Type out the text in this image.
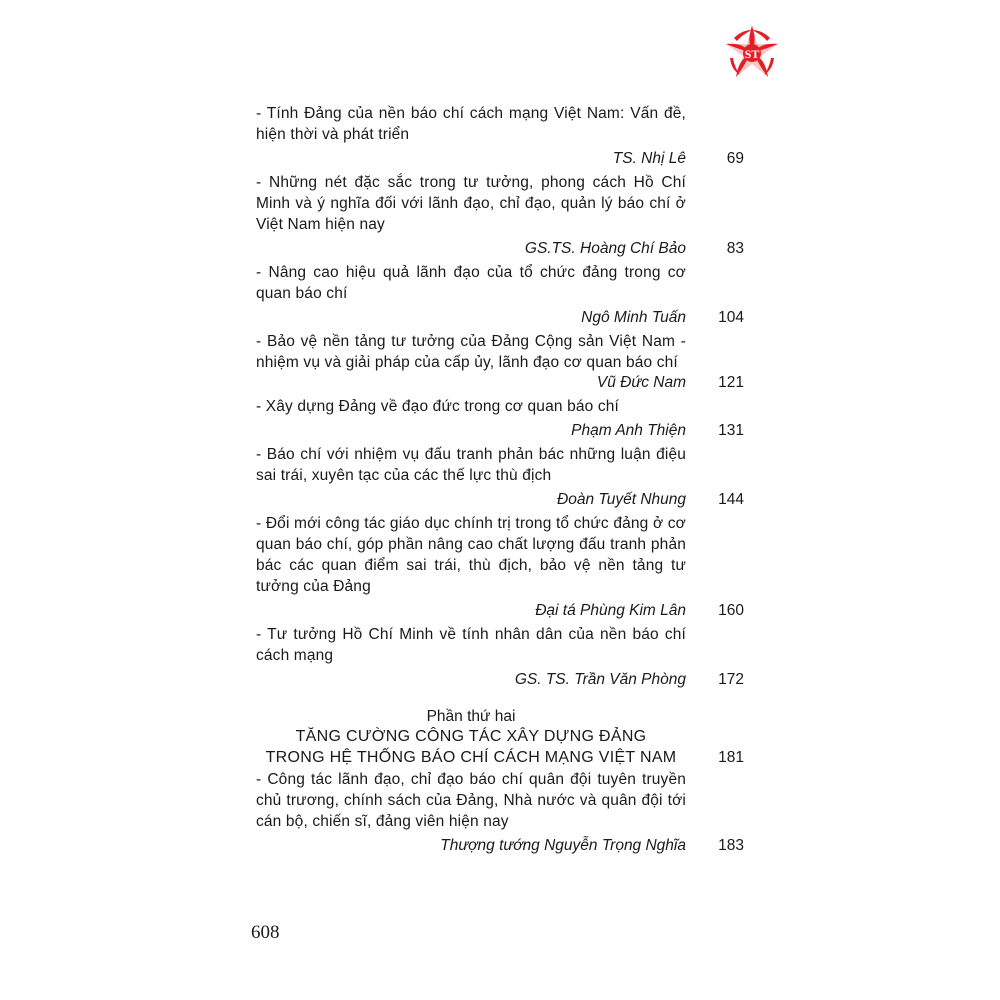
ST
- Tính Đảng của nền báo chí cách mạng Việt Nam: Vấn đề, hiện thời và phát triển
TS. Nhị Lê	69
- Những nét đặc sắc trong tư tưởng, phong cách Hồ Chí Minh và ý nghĩa đối với lãnh đạo, chỉ đạo, quản lý báo chí ở Việt Nam hiện nay
GS.TS. Hoàng Chí Bảo	83
- Nâng cao hiệu quả lãnh đạo của tổ chức đảng trong cơ quan báo chí
Ngô Minh Tuấn	104
- Bảo vệ nền tảng tư tưởng của Đảng Cộng sản Việt Nam - nhiệm vụ và giải pháp của cấp ủy, lãnh đạo cơ quan báo chí
Vũ Đức Nam	121
- Xây dựng Đảng về đạo đức trong cơ quan báo chí
Phạm Anh Thiện	131
- Báo chí với nhiệm vụ đấu tranh phản bác những luận điệu sai trái, xuyên tạc của các thế lực thù địch
Đoàn Tuyết Nhung	144
- Đổi mới công tác giáo dục chính trị trong tổ chức đảng ở cơ quan báo chí, góp phần nâng cao chất lượng đấu tranh phản bác các quan điểm sai trái, thù địch, bảo vệ nền tảng tư tưởng của Đảng
Đại tá Phùng Kim Lân	160
- Tư tưởng Hồ Chí Minh về tính nhân dân của nền báo chí cách mạng
GS. TS. Trần Văn Phòng	172
Phần thứ hai
TĂNG CƯỜNG CÔNG TÁC XÂY DỰNG ĐẢNG
TRONG HỆ THỐNG BÁO CHÍ CÁCH MẠNG VIỆT NAM	181
- Công tác lãnh đạo, chỉ đạo báo chí quân đội tuyên truyền chủ trương, chính sách của Đảng, Nhà nước và quân đội tới cán bộ, chiến sĩ, đảng viên hiện nay
Thượng tướng Nguyễn Trọng Nghĩa	183
608
